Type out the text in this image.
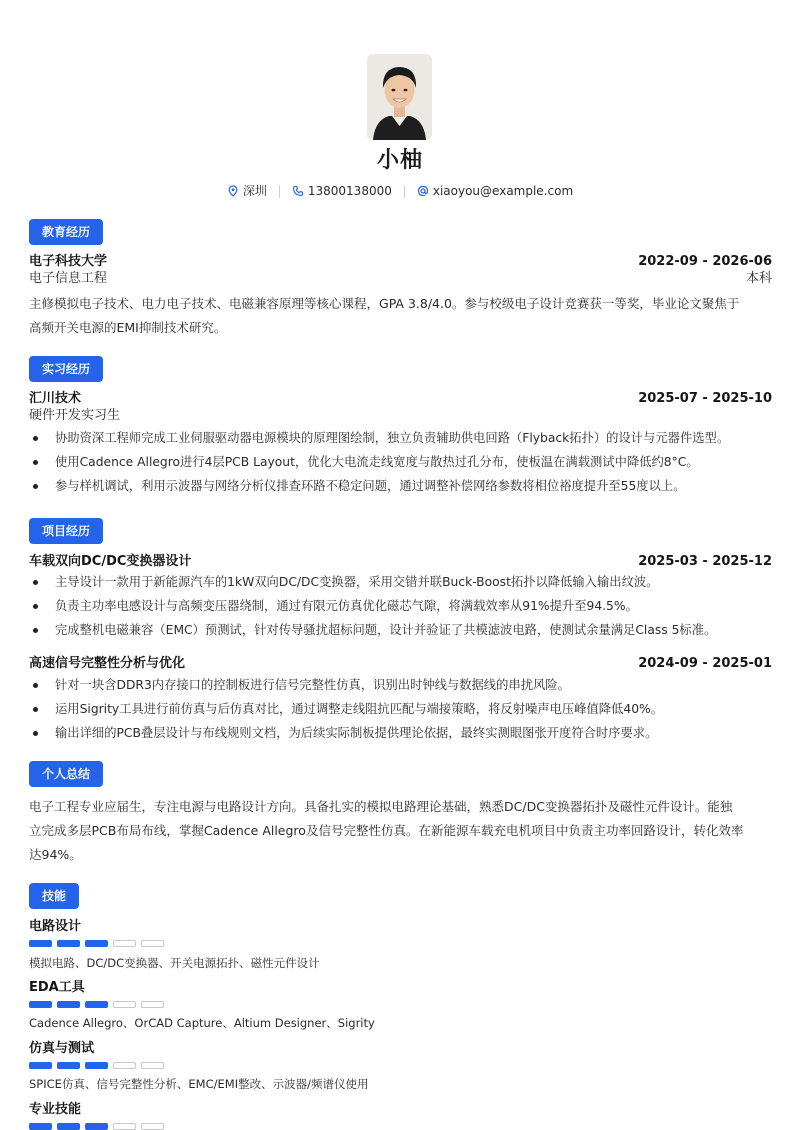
小柚
深圳	13800138000	xiaoyou@example.com
教育经历
电子科技大学	2022-09 - 2026-06
电子信息工程	本科
主修模拟电子技术、电力电子技术、电磁兼容原理等核心课程，GPA 3.8/4.0。参与校级电子设计竞赛获一等奖，毕业论文聚焦于
高频开关电源的EMI抑制技术研究。
实习经历
汇川技术	2025-07 - 2025-10
硬件开发实习生
协助资深工程师完成工业伺服驱动器电源模块的原理图绘制，独立负责辅助供电回路（Flyback拓扑）的设计与元器件选型。
使用Cadence Allegro进行4层PCB Layout，优化大电流走线宽度与散热过孔分布，使板温在满载测试中降低约8°C。
参与样机调试，利用示波器与网络分析仪排查环路不稳定问题，通过调整补偿网络参数将相位裕度提升至55度以上。
项目经历
车载双向DC/DC变换器设计	2025-03 - 2025-12
主导设计一款用于新能源汽车的1kW双向DC/DC变换器，采用交错并联Buck-Boost拓扑以降低输入输出纹波。
负责主功率电感设计与高频变压器绕制，通过有限元仿真优化磁芯气隙，将满载效率从91%提升至94.5%。
完成整机电磁兼容（EMC）预测试，针对传导骚扰超标问题，设计并验证了共模滤波电路，使测试余量满足Class 5标准。
高速信号完整性分析与优化	2024-09 - 2025-01
针对一块含DDR3内存接口的控制板进行信号完整性仿真，识别出时钟线与数据线的串扰风险。
运用Sigrity工具进行前仿真与后仿真对比，通过调整走线阻抗匹配与端接策略，将反射噪声电压峰值降低40%。
输出详细的PCB叠层设计与布线规则文档，为后续实际制板提供理论依据，最终实测眼图张开度符合时序要求。
个人总结
电子工程专业应届生，专注电源与电路设计方向。具备扎实的模拟电路理论基础，熟悉DC/DC变换器拓扑及磁性元件设计。能独
立完成多层PCB布局布线，掌握Cadence Allegro及信号完整性仿真。在新能源车载充电机项目中负责主功率回路设计，转化效率
达94%。
技能
电路设计
模拟电路、DC/DC变换器、开关电源拓扑、磁性元件设计
EDA工具
Cadence Allegro、OrCAD Capture、Altium Designer、Sigrity
仿真与测试
SPICE仿真、信号完整性分析、EMC/EMI整改、示波器/频谱仪使用
专业技能
